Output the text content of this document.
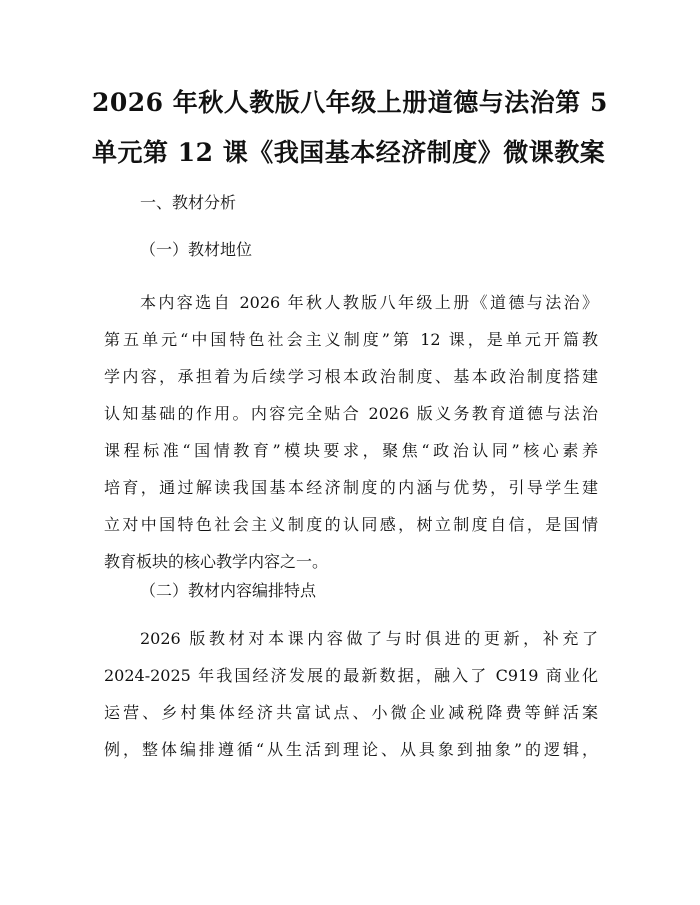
2026 年秋人教版八年级上册道德与法治第 5
单元第 12 课《我国基本经济制度》微课教案

一、教材分析

（一）教材地位

本内容选自 2026 年秋人教版八年级上册《道德与法治》
第五单元“中国特色社会主义制度”第 12 课，是单元开篇教
学内容，承担着为后续学习根本政治制度、基本政治制度搭建
认知基础的作用。内容完全贴合 2026 版义务教育道德与法治
课程标准“国情教育”模块要求，聚焦“政治认同”核心素养
培育，通过解读我国基本经济制度的内涵与优势，引导学生建
立对中国特色社会主义制度的认同感，树立制度自信，是国情
教育板块的核心教学内容之一。

（二）教材内容编排特点

2026 版教材对本课内容做了与时俱进的更新，补充了
2024-2025 年我国经济发展的最新数据，融入了 C919 商业化
运营、乡村集体经济共富试点、小微企业减税降费等鲜活案
例，整体编排遵循“从生活到理论、从具象到抽象”的逻辑，
